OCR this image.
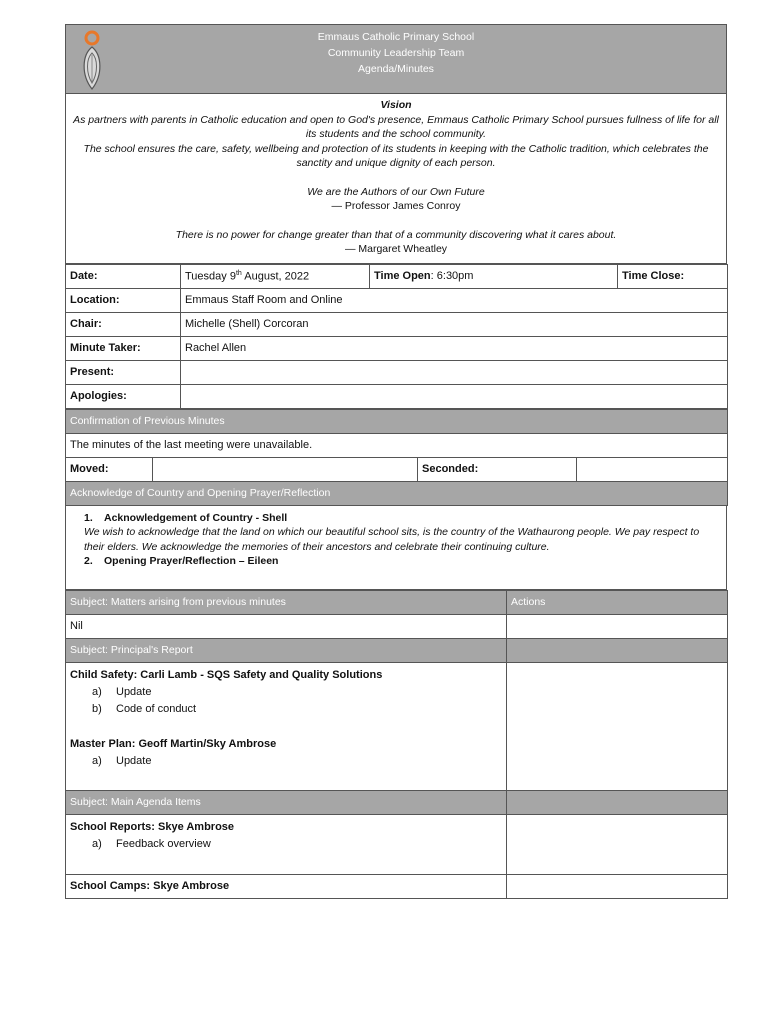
Emmaus Catholic Primary School
Community Leadership Team
Agenda/Minutes
Vision
As partners with parents in Catholic education and open to God's presence, Emmaus Catholic Primary School pursues fullness of life for all its students and the school community.
The school ensures the care, safety, wellbeing and protection of its students in keeping with the Catholic tradition, which celebrates the sanctity and unique dignity of each person.
We are the Authors of our Own Future
— Professor James Conroy
There is no power for change greater than that of a community discovering what it cares about.
— Margaret Wheatley
Date:	Tuesday 9th August, 2022	Time Open: 6:30pm	Time Close:
Location:	Emmaus Staff Room and Online		
Chair:	Michelle (Shell) Corcoran		
Minute Taker:	Rachel Allen		
Present:			
Apologies:			
Confirmation of Previous Minutes
The minutes of the last meeting were unavailable.
Moved:		Seconded:	
Acknowledge of Country and Opening Prayer/Reflection
1. Acknowledgement of Country - Shell
We wish to acknowledge that the land on which our beautiful school sits, is the country of the Wathaurong people. We pay respect to their elders. We acknowledge the memories of their ancestors and celebrate their continuing culture.
2. Opening Prayer/Reflection – Eileen
Subject: Matters arising from previous minutes	Actions
Nil	
Subject: Principal's Report	

Child Safety: Carli Lamb - SQS Safety and Quality Solutions
a) Update
b) Code of conduct
Master Plan: Geoff Martin/Sky Ambrose
a) Update	

Subject: Main Agenda Items	

School Reports: Skye Ambrose
a) Feedback overview	

School Camps: Skye Ambrose	
